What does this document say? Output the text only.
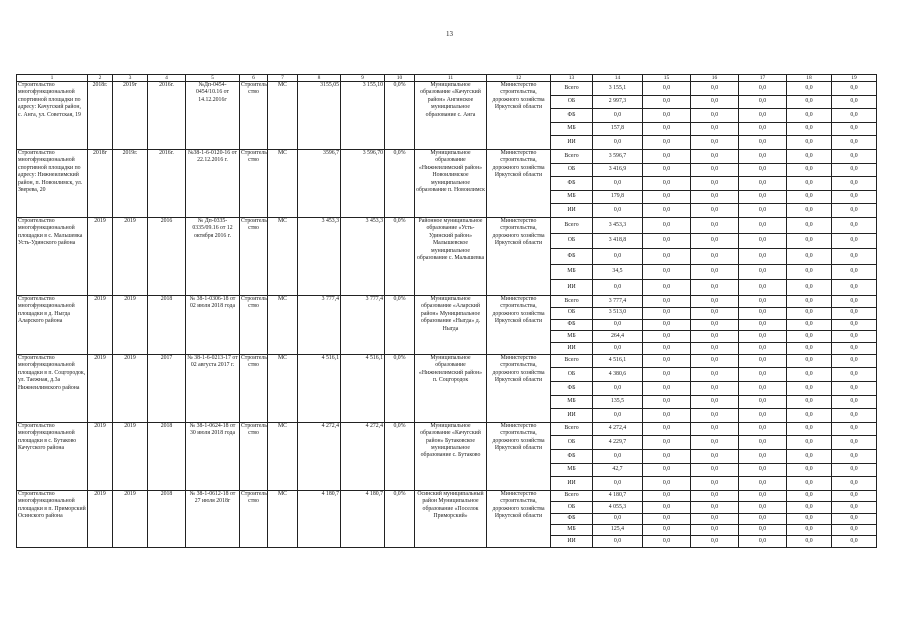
13
1	2	3	4	5	6	7	8	9	10	11	12	13	14	15	16	17	18	19
Строительство многофункциональной спортивной площадки по адресу: Качугский район, с. Анга, ул. Советская, 19	2018г.	2019г	2016г.	№Дп-0454-0454/10.16 от 14.12.2016г	Строитель ство	МС	3155,05	3 155,10	0,0%	Муниципальное образование «Качугский район» Ангинское муниципальное образование с. Анга	Министерство строительства, дорожного хозяйства Иркутской области	Всего	3 155,1	0,0	0,0	0,0	0,0	0,0
												ОБ	2 997,3	0,0	0,0	0,0	0,0	0,0
												ФБ	0,0	0,0	0,0	0,0	0,0	0,0
												МБ	157,8	0,0	0,0	0,0	0,0	0,0
												ИИ	0,0	0,0	0,0	0,0	0,0	0,0
Строительство многофункциональной спортивной площадки по адресу: Нижнеилимский район, п. Новоилимск, ул. Зверева, 20	2018г	2019г.	2016г.	№38-1-6-0120-16 от 22.12.2016 г.	Строитель ство	МС	3596,7	3 596,70	0,0%	Муниципальное образование «Нижнеилимский район» Новоилимское муниципальное образование п. Новоилимск	Министерство строительства, дорожного хозяйства Иркутской области	Всего	3 596,7	0,0	0,0	0,0	0,0	0,0
												ОБ	3 416,9	0,0	0,0	0,0	0,0	0,0
												ФБ	0,0	0,0	0,0	0,0	0,0	0,0
												МБ	179,8	0,0	0,0	0,0	0,0	0,0
												ИИ	0,0	0,0	0,0	0,0	0,0	0,0
Строительство многофункциональной площадки в с. Мальшевка Усть-Удинского района	2019	2019	2016	№ Дп-0335-0335/09.16 от 12 октября 2016 г.	Строитель ство	МС	3 453,3	3 453,3	0,0%	Районное муниципальное образование «Усть-Удинский район» Малышевское муниципальное образование с. Малышевка	Министерство строительства, дорожного хозяйства Иркутской области	Всего	3 453,3	0,0	0,0	0,0	0,0	0,0
												ОБ	3 418,8	0,0	0,0	0,0	0,0	0,0
												ФБ	0,0	0,0	0,0	0,0	0,0	0,0
												МБ	34,5	0,0	0,0	0,0	0,0	0,0
												ИИ	0,0	0,0	0,0	0,0	0,0	0,0
Строительство многофункциональной площадки в д. Ныгда Аларского района	2019	2019	2018	№ 38-1-0306-18 от 02 июля 2018 года	Строитель ство	МС	3 777,4	3 777,4	0,0%	Муниципальное образование «Аларский район» Муниципальное образование «Ныгда» д. Ныгда	Министерство строительства, дорожного хозяйства Иркутской области	Всего	3 777,4	0,0	0,0	0,0	0,0	0,0
												ОБ	3 513,0	0,0	0,0	0,0	0,0	0,0
												ФБ	0,0	0,0	0,0	0,0	0,0	0,0
												МБ	264,4	0,0	0,0	0,0	0,0	0,0
												ИИ	0,0	0,0	0,0	0,0	0,0	0,0
Строительство многофункциональной площадки в п. Соцгородок, ул. Таежная, д.3а Нижнеилимского района	2019	2019	2017	№ 38-1-6-0213-17 от 02 августа 2017 г.	Строитель ство	МС	4 516,1	4 516,1	0,0%	Муниципальное образование «Нижнеилимский район» п. Соцгородок	Министерство строительства, дорожного хозяйства Иркутской области	Всего	4 516,1	0,0	0,0	0,0	0,0	0,0
												ОБ	4 380,6	0,0	0,0	0,0	0,0	0,0
												ФБ	0,0	0,0	0,0	0,0	0,0	0,0
												МБ	135,5	0,0	0,0	0,0	0,0	0,0
												ИИ	0,0	0,0	0,0	0,0	0,0	0,0
Строительство многофункциональной площадки в с. Бутаково Качугского района	2019	2019	2018	№ 38-1-0624-18 от 30 июля 2018 года	Строитель ство	МС	4 272,4	4 272,4	0,0%	Муниципальное образование «Качугский район» Бутаковское муниципальное образование с. Бутаково	Министерство строительства, дорожного хозяйства Иркутской области	Всего	4 272,4	0,0	0,0	0,0	0,0	0,0
												ОБ	4 229,7	0,0	0,0	0,0	0,0	0,0
												ФБ	0,0	0,0	0,0	0,0	0,0	0,0
												МБ	42,7	0,0	0,0	0,0	0,0	0,0
												ИИ	0,0	0,0	0,0	0,0	0,0	0,0
Строительство многофункциональной площадки в п. Приморский Осинского района	2019	2019	2018	№ 38-1-0612-18 от 27 июля 2018г	Строитель ство	МС	4 180,7	4 180,7	0,0%	Осинский муниципальный район Муниципальное образование «Поселок Приморский»	Министерство строительства, дорожного хозяйства Иркутской области	Всего	4 180,7	0,0	0,0	0,0	0,0	0,0
												ОБ	4 055,3	0,0	0,0	0,0	0,0	0,0
												ФБ	0,0	0,0	0,0	0,0	0,0	0,0
												МБ	125,4	0,0	0,0	0,0	0,0	0,0
												ИИ	0,0	0,0	0,0	0,0	0,0	0,0
